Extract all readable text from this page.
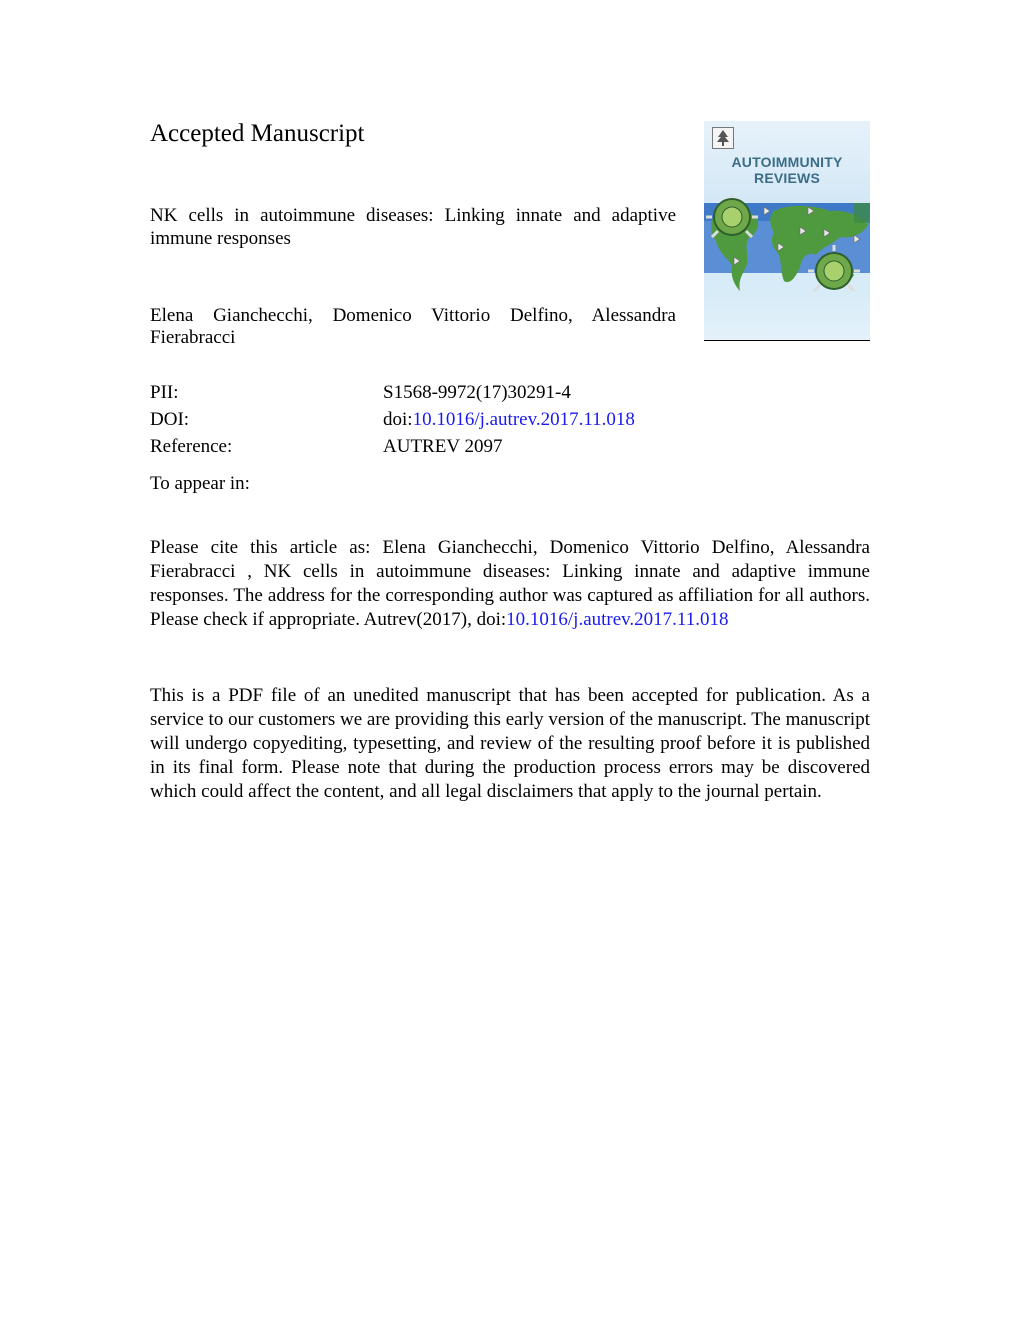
Accepted Manuscript

NK cells in autoimmune diseases: Linking innate and adaptive immune responses

Elena Gianchecchi, Domenico Vittorio Delfino, Alessandra Fierabracci

PII:	S1568-9972(17)30291-4
DOI:	doi:10.1016/j.autrev.2017.11.018
Reference:	AUTREV 2097

To appear in:

Please cite this article as: Elena Gianchecchi, Domenico Vittorio Delfino, Alessandra Fierabracci , NK cells in autoimmune diseases: Linking innate and adaptive immune responses. The address for the corresponding author was captured as affiliation for all authors. Please check if appropriate. Autrev(2017), doi:10.1016/j.autrev.2017.11.018

This is a PDF file of an unedited manuscript that has been accepted for publication. As a service to our customers we are providing this early version of the manuscript. The manuscript will undergo copyediting, typesetting, and review of the resulting proof before it is published in its final form. Please note that during the production process errors may be discovered which could affect the content, and all legal disclaimers that apply to the journal pertain.

AUTOIMMUNITY
REVIEWS
